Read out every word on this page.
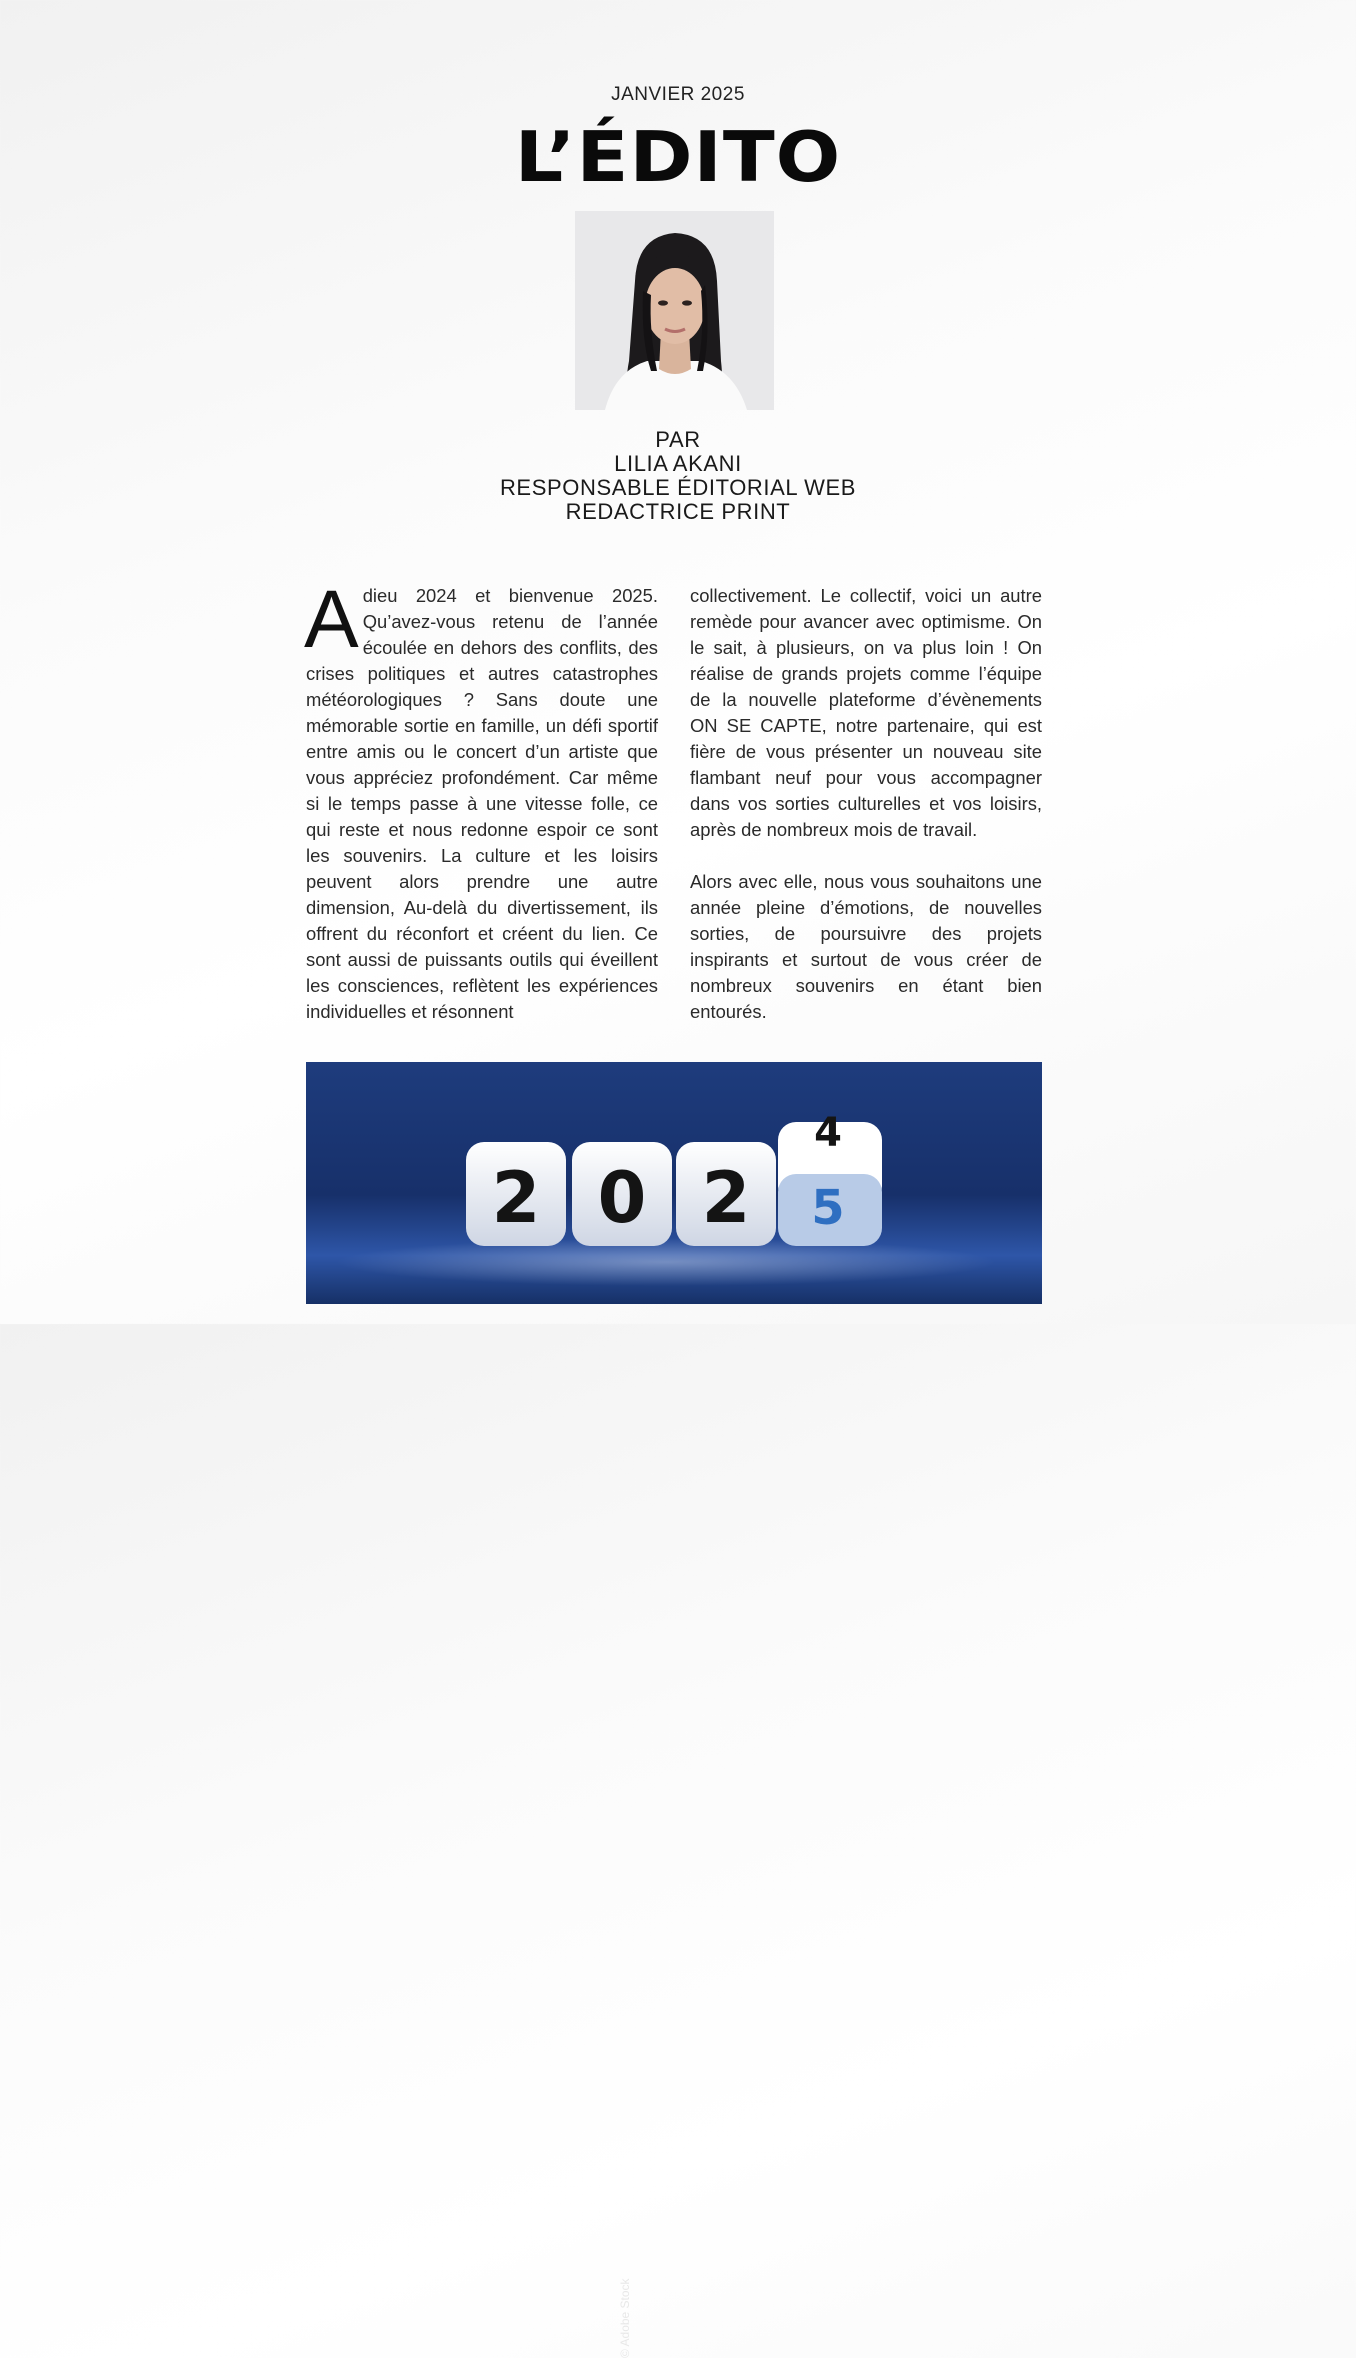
JANVIER 2025
L’ÉDITO
PAR
LILIA AKANI
RESPONSABLE ÉDITORIAL WEB
REDACTRICE PRINT

Adieu 2024 et bienvenue 2025. Qu’avez-vous retenu de l’année écoulée en dehors des conflits, des crises politiques et autres catastrophes météorologiques ? Sans doute une mémorable sortie en famille, un défi sportif entre amis ou le concert d’un artiste que vous appréciez profondément. Car même si le temps passe à une vitesse folle, ce qui reste et nous redonne espoir ce sont les souvenirs. La culture et les loisirs peuvent alors prendre une autre dimension, Au-delà du divertissement, ils offrent du réconfort et créent du lien. Ce sont aussi de puissants outils qui éveillent les consciences, reflètent les expériences individuelles et résonnent

collectivement. Le collectif, voici un autre remède pour avancer avec optimisme. On le sait, à plusieurs, on va plus loin ! On réalise de grands projets comme l’équipe de la nouvelle plateforme d’évènements ON SE CAPTE, notre partenaire, qui est fière de vous présenter un nouveau site flambant neuf pour vous accompagner dans vos sorties culturelles et vos loisirs, après de nombreux mois de travail.

Alors avec elle, nous vous souhaitons une année pleine d’émotions, de nouvelles sorties, de poursuivre des projets inspirants et surtout de vous créer de nombreux souvenirs en étant bien entourés.

2 0 2
4
5
© Adobe Stock
